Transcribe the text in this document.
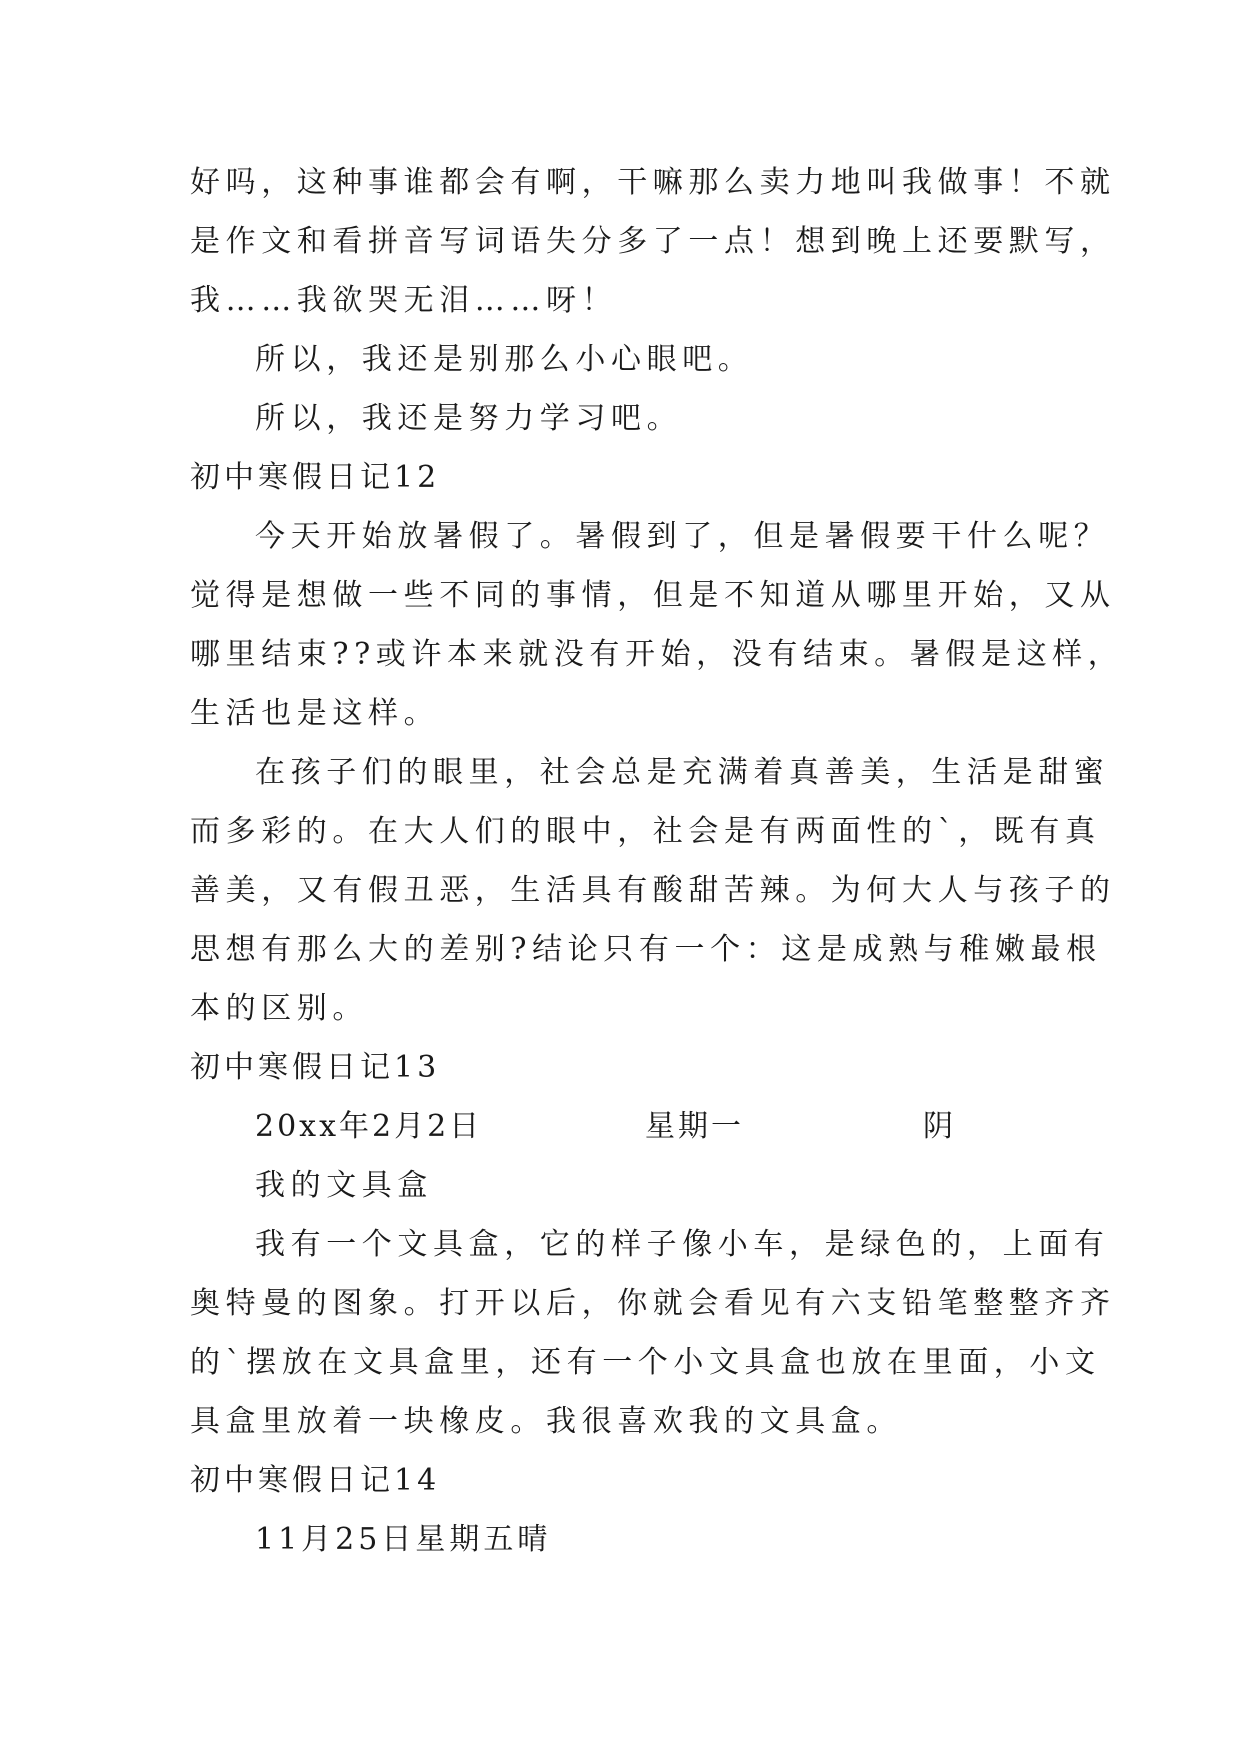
好吗，这种事谁都会有啊，干嘛那么卖力地叫我做事！不就
是作文和看拼音写词语失分多了一点！想到晚上还要默写，
我……我欲哭无泪……呀！
所以，我还是别那么小心眼吧。
所以，我还是努力学习吧。
初中寒假日记12
今天开始放暑假了。暑假到了，但是暑假要干什么呢？
觉得是想做一些不同的事情，但是不知道从哪里开始，又从
哪里结束??或许本来就没有开始，没有结束。暑假是这样，
生活也是这样。
在孩子们的眼里，社会总是充满着真善美，生活是甜蜜
而多彩的。在大人们的眼中，社会是有两面性的`，既有真
善美，又有假丑恶，生活具有酸甜苦辣。为何大人与孩子的
思想有那么大的差别?结论只有一个：这是成熟与稚嫩最根
本的区别。
初中寒假日记13
20xx年2月2日	星期一	阴
我的文具盒
我有一个文具盒，它的样子像小车，是绿色的，上面有
奥特曼的图象。打开以后，你就会看见有六支铅笔整整齐齐
的`摆放在文具盒里，还有一个小文具盒也放在里面，小文
具盒里放着一块橡皮。我很喜欢我的文具盒。
初中寒假日记14
11月25日星期五晴
